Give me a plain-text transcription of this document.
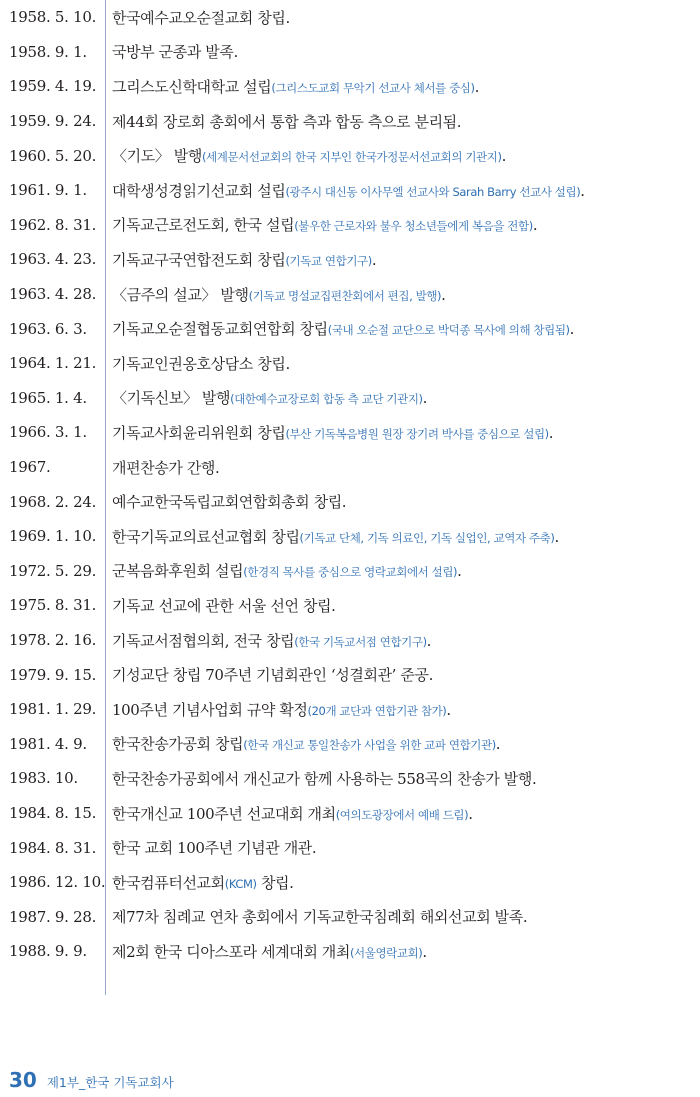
1958. 5. 10.	한국예수교오순절교회 창립.
1958. 9. 1.	국방부 군종과 발족.
1959. 4. 19.	그리스도신학대학교 설립(그리스도교회 무악기 선교사 체서를 중심).
1959. 9. 24.	제44회 장로회 총회에서 통합 측과 합동 측으로 분리됨.
1960. 5. 20.	〈기도〉 발행(세계문서선교회의 한국 지부인 한국가정문서선교회의 기관지).
1961. 9. 1.	대학생성경읽기선교회 설립(광주시 대신동 이사무엘 선교사와 Sarah Barry 선교사 설립).
1962. 8. 31.	기독교근로전도회, 한국 설립(불우한 근로자와 불우 청소년들에게 복음을 전함).
1963. 4. 23.	기독교구국연합전도회 창립(기독교 연합기구).
1963. 4. 28.	〈금주의 설교〉 발행(기독교 명설교집편찬회에서 편집, 발행).
1963. 6. 3.	기독교오순절협동교회연합회 창립(국내 오순절 교단으로 박덕종 목사에 의해 창립됨).
1964. 1. 21.	기독교인권옹호상담소 창립.
1965. 1. 4.	〈기독신보〉 발행(대한예수교장로회 합동 측 교단 기관지).
1966. 3. 1.	기독교사회윤리위원회 창립(부산 기독복음병원 원장 장기려 박사를 중심으로 설립).
1967.	개편찬송가 간행.
1968. 2. 24.	예수교한국독립교회연합회총회 창립.
1969. 1. 10.	한국기독교의료선교협회 창립(기독교 단체, 기독 의료인, 기독 실업인, 교역자 주축).
1972. 5. 29.	군복음화후원회 설립(한경직 목사를 중심으로 영락교회에서 설립).
1975. 8. 31.	기독교 선교에 관한 서울 선언 창립.
1978. 2. 16.	기독교서점협의회, 전국 창립(한국 기독교서점 연합기구).
1979. 9. 15.	기성교단 창립 70주년 기념회관인 ‘성결회관’ 준공.
1981. 1. 29.	100주년 기념사업회 규약 확정(20개 교단과 연합기관 참가).
1981. 4. 9.	한국찬송가공회 창립(한국 개신교 통일찬송가 사업을 위한 교파 연합기관).
1983. 10.	한국찬송가공회에서 개신교가 함께 사용하는 558곡의 찬송가 발행.
1984. 8. 15.	한국개신교 100주년 선교대회 개최(여의도광장에서 예배 드림).
1984. 8. 31.	한국 교회 100주년 기념관 개관.
1986. 12. 10. 한국컴퓨터선교회(KCM) 창립.
1987. 9. 28.	제77차 침례교 연차 총회에서 기독교한국침례회 해외선교회 발족.
1988. 9. 9.	제2회 한국 디아스포라 세계대회 개최(서울영락교회).
30 제1부_한국 기독교회사
